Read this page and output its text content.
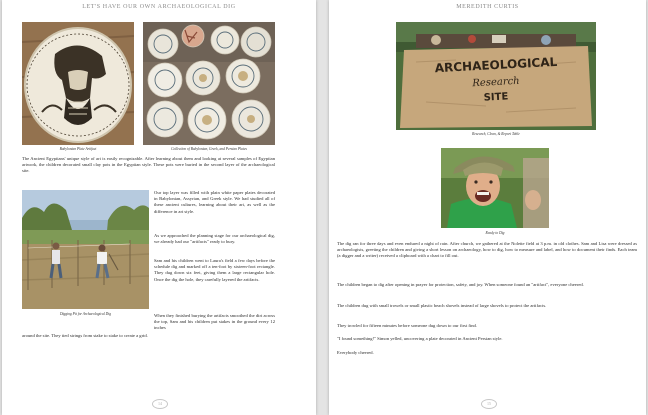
LET'S HAVE OUR OWN ARCHAEOLOGICAL DIG
Babylonian Plate Artifact	Collection of Babylonian, Greek, and Persian Plates

The Ancient Egyptians' unique style of art is easily recognizable. After learning about them and looking at several samples of Egyptian artwork, the children decorated small clay pots in the Egyptian style. These pots were buried in the second layer of the archaeological site.

Digging Pit for Archaeological Dig

Our top layer was filled with plain white paper plates decorated in Babylonian, Assyrian, and Greek style. We had studied all of these ancient cultures, learning about their art, as well as the difference in art style.

As we approached the planning stage for our archaeological dig, we already had our "artifacts" ready to bury.

Sam and his children went to Laura's field a few days before the schedule dig and marked off a ten-foot by sixteen-foot rectangle. They dug down six feet, giving them a large rectangular hole. Once the dig the hole, they carefully layered the artifacts.

When they finished burying the artifacts smoothed the dirt across the top, Sam and his children put stakes in the ground every 12 inches

around the site. They tied strings from stake to stake to create a grid.

14
MEREDITH CURTIS
ARCHAEOLOGICAL
Research
SITE
Research, Clean, & Report Table
Ready to Dig

The dig ran for three days and even endured a night of rain. After church, we gathered at the Nolette field at 3 p.m. in old clothes. Sam and Lisa were dressed as archaeologists, greeting the children and giving a short lesson on archaeology, how to dig, how to measure and label, and how to document their finds. Each team (a digger and a writer) received a clipboard with a chart to fill out.

The children began to dig after opening in prayer for protection, safety, and joy. When someone found an "artifact", everyone cheered.

The children dug with small trowels or small plastic beach shovels instead of large shovels to protect the artifacts.

They trowled for fifteen minutes before someone dug down to our first find.

"I found something!" Simon yelled, uncovering a plate decorated in Ancient Persian style.

Everybody cheered.

15
